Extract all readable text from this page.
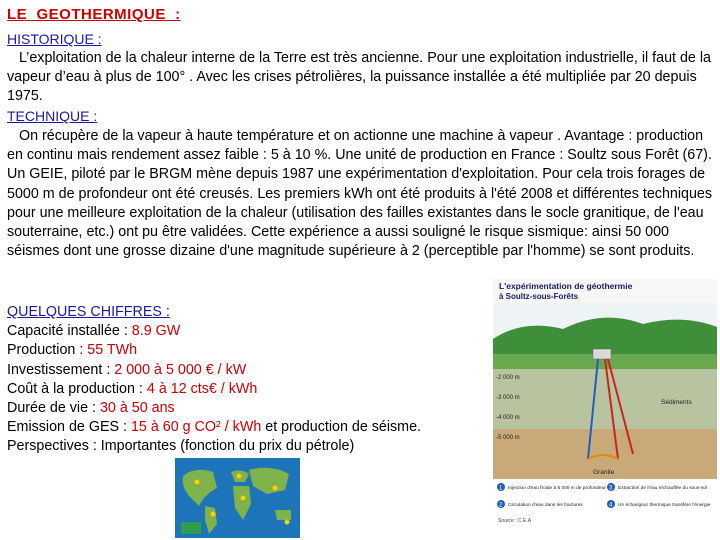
LE  GEOTHERMIQUE  :
HISTORIQUE :
L’exploitation de la chaleur interne de la Terre est très ancienne. Pour une exploitation industrielle, il faut de la vapeur d’eau à plus de 100° . Avec les crises pétrolières, la puissance installée a été multipliée par 20 depuis 1975.
TECHNIQUE :
On récupère de la vapeur à haute température et on actionne une machine à vapeur . Avantage : production en continu mais rendement assez faible : 5 à 10 %. Une unité de production en France : Soultz sous Forêt (67). Un GEIE, piloté par le BRGM mène depuis 1987 une expérimentation d'exploitation. Pour cela trois forages de 5000 m de profondeur ont été creusés. Les premiers kWh ont été produits à l'été 2008 et différentes techniques pour une meilleure exploitation de la chaleur (utilisation des failles existantes dans le socle granitique, de l'eau souterraine, etc.) ont pu être validées. Cette expérience a aussi souligné le risque sismique: ainsi 50 000 séismes dont une grosse dizaine d'une magnitude supérieure à 2 (perceptible par l'homme) se sont produits.
QUELQUES CHIFFRES :
Capacité installée : 8.9 GW
Production : 55 TWh
Investissement : 2 000 à 5 000 € / kW
Coût à la production : 4 à 12 cts€ / kWh
Durée de vie : 30 à 50 ans
Emission de GES : 15 à 60 g CO² / kWh et production de séisme.
Perspectives : Importantes (fonction du prix du pétrole)
L'expérimentation de géothermie
à Soultz-sous-Forêts
Sédiments
Granite
-2 000 m
-3 000 m
-4 000 m
-5 000 m
1 Injection d'eau froide à 5 000 m de profondeur
2 Circulation d'eau dans les fractures
3 Extraction de l'eau réchauffée du sous-sol
4 Un échangeur thermique transfère l'énergie
Source : C.E.A
